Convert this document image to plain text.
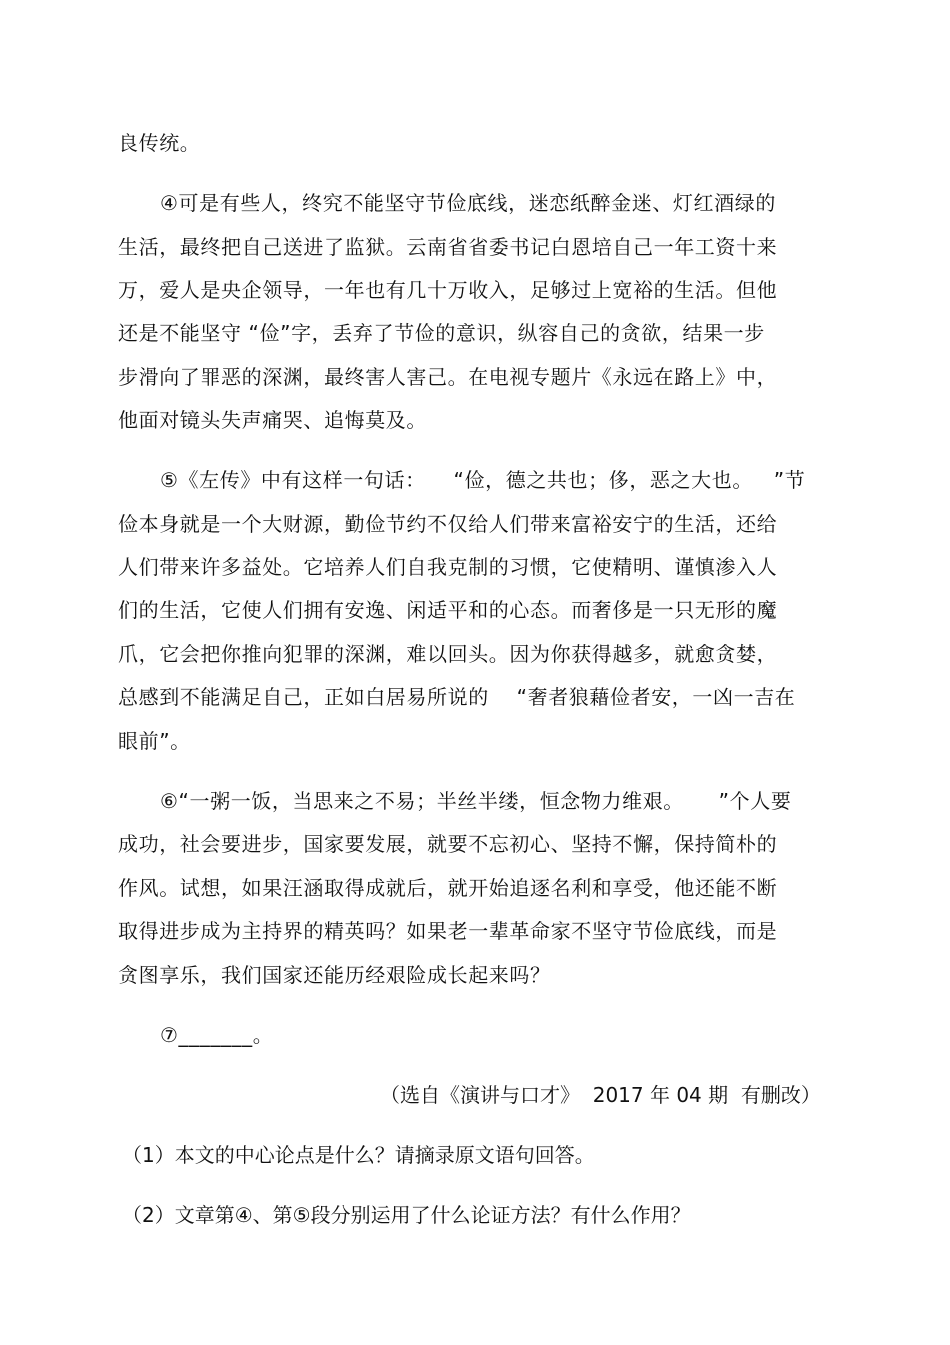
良传统。
④可是有些人，终究不能坚守节俭底线，迷恋纸醉金迷、灯红酒绿的
生活，最终把自己送进了监狱。云南省省委书记白恩培自己一年工资十来
万，爱人是央企领导，一年也有几十万收入，足够过上宽裕的生活。但他
还是不能坚守 “俭”字，丢弃了节俭的意识，纵容自己的贪欲，结果一步
步滑向了罪恶的深渊，最终害人害己。在电视专题片《永远在路上》中，
他面对镜头失声痛哭、追悔莫及。
⑤《左传》中有这样一句话：    “俭，德之共也；侈，恶之大也。   ”节
俭本身就是一个大财源，勤俭节约不仅给人们带来富裕安宁的生活，还给
人们带来许多益处。它培养人们自我克制的习惯，它使精明、谨慎渗入人
们的生活，它使人们拥有安逸、闲适平和的心态。而奢侈是一只无形的魔
爪，它会把你推向犯罪的深渊，难以回头。因为你获得越多，就愈贪婪，
总感到不能满足自己，正如白居易所说的    “奢者狼藉俭者安，一凶一吉在
眼前”。
⑥“一粥一饭，当思来之不易；半丝半缕，恒念物力维艰。     ”个人要
成功，社会要进步，国家要发展，就要不忘初心、坚持不懈，保持简朴的
作风。试想，如果汪涵取得成就后，就开始追逐名利和享受，他还能不断
取得进步成为主持界的精英吗？如果老一辈革命家不坚守节俭底线，而是
贪图享乐，我们国家还能历经艰险成长起来吗？
⑦_______。
（选自《演讲与口才》  2017 年 04 期  有删改）
（1）本文的中心论点是什么？请摘录原文语句回答。
（2）文章第④、第⑤段分别运用了什么论证方法？有什么作用？
